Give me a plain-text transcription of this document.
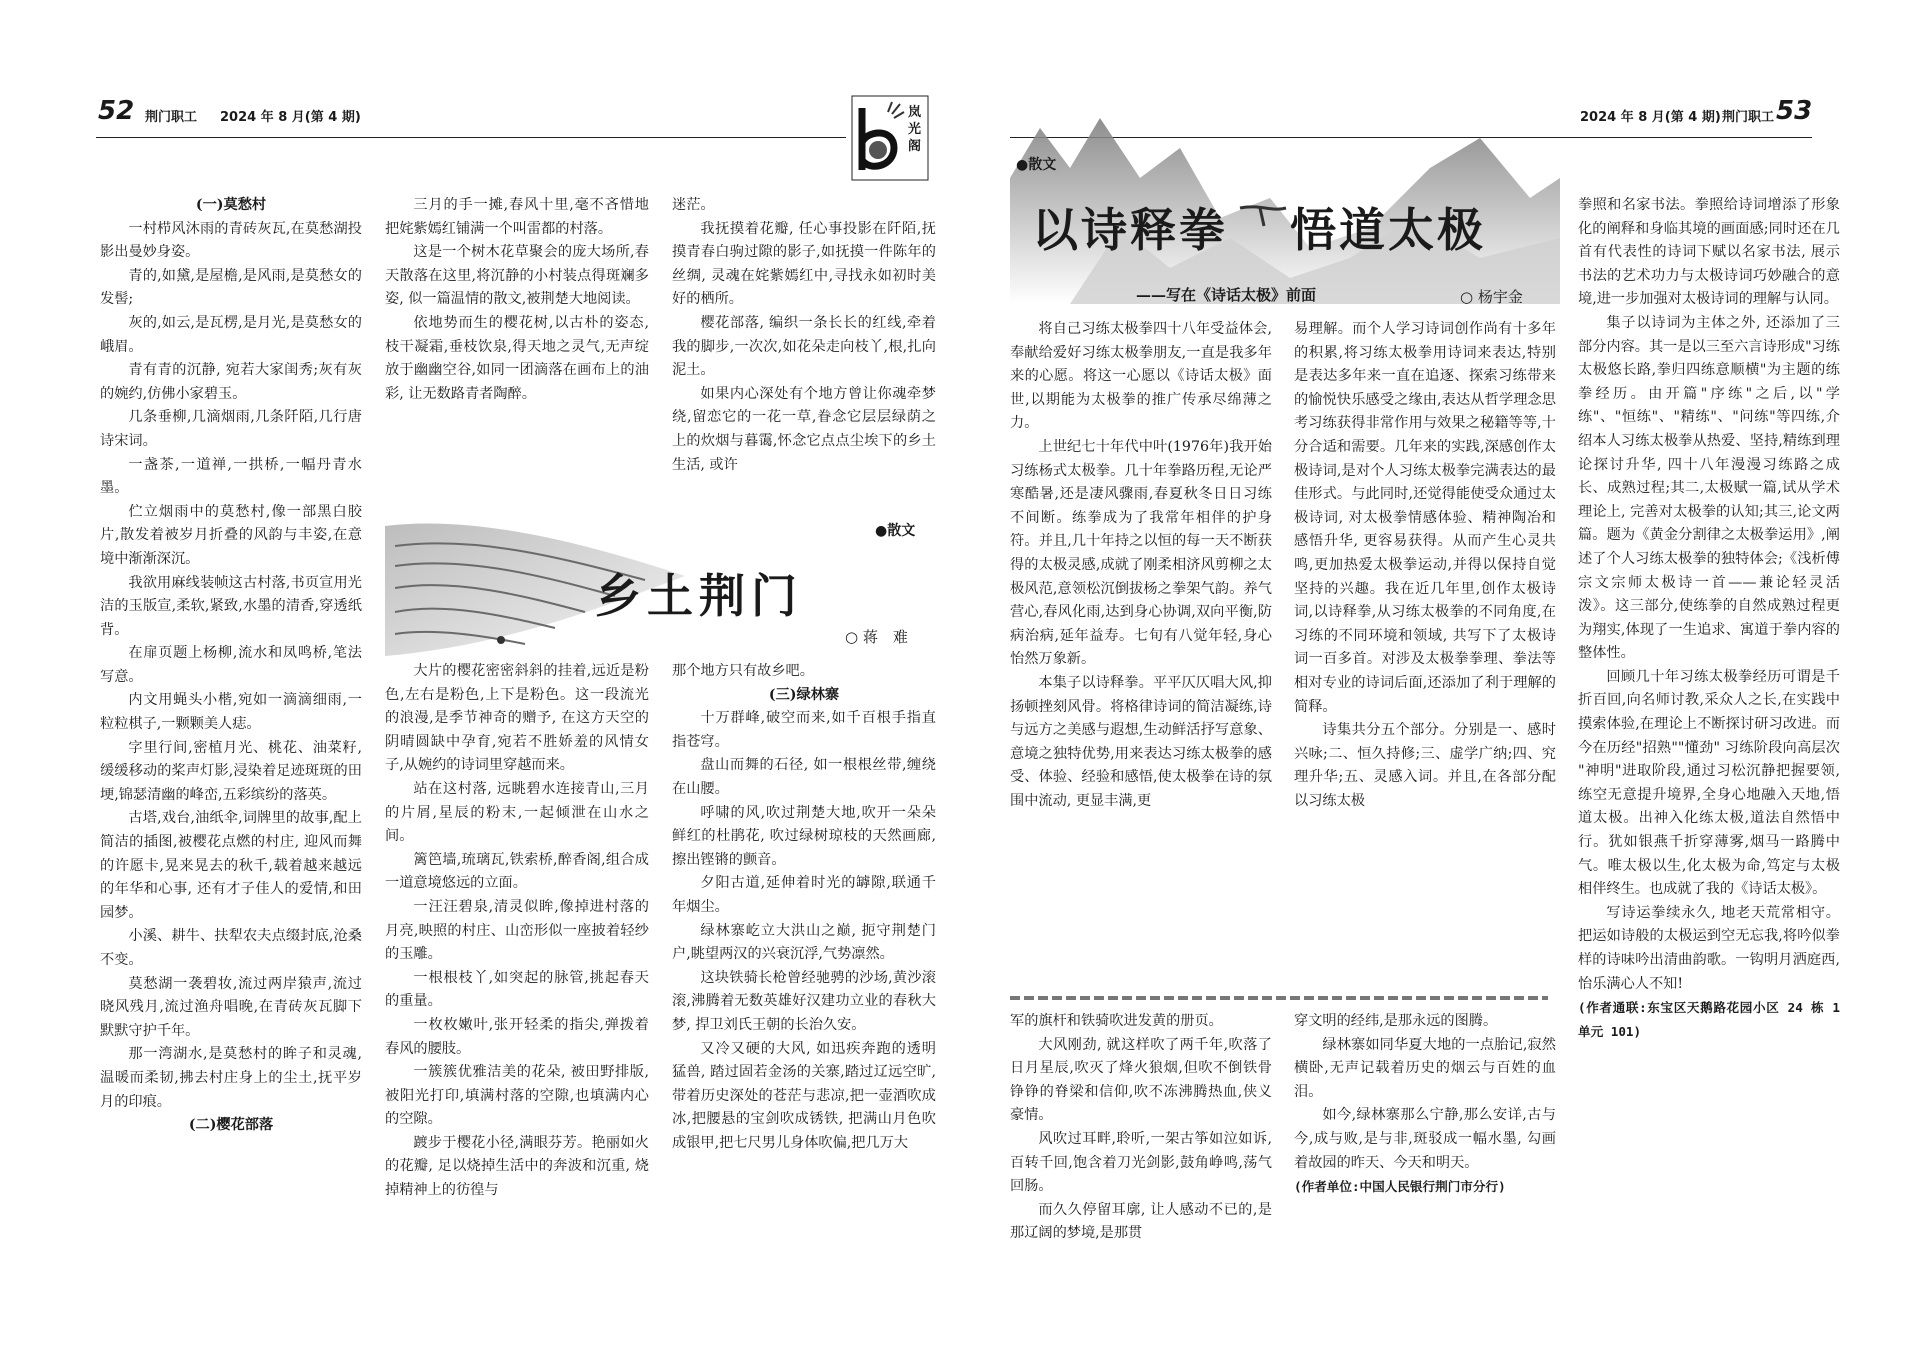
52 荆门职工 2024 年 8 月(第 4 期)	岚光阁
2024 年 8 月(第 4 期) 荆门职工 53

(一)莫愁村

一村栉风沐雨的青砖灰瓦,在莫愁湖投影出曼妙身姿。

青的,如黛,是屋檐,是风雨,是莫愁女的发髻;

灰的,如云,是瓦楞,是月光,是莫愁女的峨眉。

青有青的沉静, 宛若大家闺秀;灰有灰的婉约,仿佛小家碧玉。

几条垂柳,几滴烟雨,几条阡陌,几行唐诗宋词。

一盏茶,一道禅,一拱桥,一幅丹青水墨。

伫立烟雨中的莫愁村,像一部黑白胶片,散发着被岁月折叠的风韵与丰姿,在意境中渐渐深沉。

我欲用麻线装帧这古村落,书页宣用光洁的玉版宣,柔软,紧致,水墨的清香,穿透纸背。

在扉页题上杨柳,流水和凤鸣桥,笔法写意。

内文用蝇头小楷,宛如一滴滴细雨,一粒粒棋子,一颗颗美人痣。

字里行间,密植月光、桃花、油菜籽,缓缓移动的桨声灯影,浸染着足迹斑斑的田埂,锦瑟清幽的峰峦,五彩缤纷的落英。

古塔,戏台,油纸伞,词牌里的故事,配上简洁的插图,被樱花点燃的村庄, 迎风而舞的许愿卡,晃来晃去的秋千,载着越来越远的年华和心事, 还有才子佳人的爱情,和田园梦。

小溪、耕牛、扶犁农夫点缀封底,沧桑不变。

莫愁湖一袭碧妆,流过两岸猿声,流过晓风残月,流过渔舟唱晚,在青砖灰瓦脚下默默守护千年。

那一湾湖水,是莫愁村的眸子和灵魂,温暖而柔韧,拂去村庄身上的尘土,抚平岁月的印痕。

(二)樱花部落

三月的手一摊,春风十里,毫不吝惜地把姹紫嫣红铺满一个叫雷都的村落。

这是一个树木花草聚会的庞大场所,春天散落在这里,将沉静的小村装点得斑斓多姿, 似一篇温情的散文,被荆楚大地阅读。

依地势而生的樱花树,以古朴的姿态,枝干凝霜,垂枝饮泉,得天地之灵气,无声绽放于幽幽空谷,如同一团滴落在画布上的油彩, 让无数路青者陶醉。

迷茫。

我抚摸着花瓣, 任心事投影在阡陌,抚摸青春白驹过隙的影子,如抚摸一件陈年的丝绸, 灵魂在姹紫嫣红中,寻找永如初时美好的栖所。

樱花部落, 编织一条长长的红线,牵着我的脚步,一次次,如花朵走向枝丫,根,扎向泥土。

如果内心深处有个地方曾让你魂牵梦绕,留恋它的一花一草,眷念它层层绿荫之上的炊烟与暮霭,怀念它点点尘埃下的乡土生活, 或许

●散文
乡土荆门
○ 蒋　难

大片的樱花密密斜斜的挂着,远近是粉色,左右是粉色,上下是粉色。这一段流光的浪漫,是季节神奇的赠予, 在这方天空的阴晴圆缺中孕育,宛若不胜娇羞的风情女子,从婉约的诗词里穿越而来。

站在这村落, 远眺碧水连接青山,三月的片屑,星辰的粉末,一起倾泄在山水之间。

篱笆墙,琉璃瓦,铁索桥,醉香阁,组合成一道意境悠远的立面。

一汪汪碧泉,清灵似眸,像掉进村落的月亮,映照的村庄、山峦形似一座披着轻纱的玉雕。

一根根枝丫,如突起的脉管,挑起春天的重量。

一枚枚嫩叶,张开轻柔的指尖,弹拨着春风的腰肢。

一簇簇优雅洁美的花朵, 被田野排版,被阳光打印,填满村落的空隙,也填满内心的空隙。

踱步于樱花小径,满眼芬芳。艳丽如火的花瓣, 足以烧掉生活中的奔波和沉重, 烧掉精神上的彷徨与

那个地方只有故乡吧。

(三)绿林寨

十万群峰,破空而来,如千百根手指直指苍穹。

盘山而舞的石径, 如一根根丝带,缠绕在山腰。

呼啸的风,吹过荆楚大地,吹开一朵朵鲜红的杜鹃花, 吹过绿树琼枝的天然画廊,擦出铿锵的颤音。

夕阳古道,延伸着时光的罅隙,联通千年烟尘。

绿林寨屹立大洪山之巅, 扼守荆楚门户,眺望两汉的兴衰沉浮,气势凛然。

这块铁骑长枪曾经驰骋的沙场,黄沙滚滚,沸腾着无数英雄好汉建功立业的春秋大梦, 捍卫刘氏王朝的长治久安。

又冷又硬的大风, 如迅疾奔跑的透明猛兽, 踏过固若金汤的关寨,踏过辽远空旷,带着历史深处的苍茫与悲凉,把一壶酒吹成冰,把腰悬的宝剑吹成锈铁, 把满山月色吹成银甲,把七尺男儿身体吹偏,把几万大

●散文
以诗释拳 悟道太极
——写在《诗话太极》前面	○ 杨宇金

将自己习练太极拳四十八年受益体会,奉献给爱好习练太极拳朋友,一直是我多年来的心愿。将这一心愿以《诗话太极》面世,以期能为太极拳的推广传承尽绵薄之力。

上世纪七十年代中叶(1976年)我开始习练杨式太极拳。几十年拳路历程,无论严寒酷暑,还是凄风骤雨,春夏秋冬日日习练不间断。练拳成为了我常年相伴的护身符。并且,几十年持之以恒的每一天不断获得的太极灵感,成就了刚柔相济风剪柳之太极风范,意领松沉倒拔杨之拳架气韵。养气营心,春风化雨,达到身心协调,双向平衡,防病治病,延年益寿。七旬有八觉年轻,身心怡然万象新。

本集子以诗释拳。平平仄仄唱大风,抑扬顿挫刻风骨。将格律诗词的简洁凝练,诗与远方之美感与遐想,生动鲜活抒写意象、意境之独特优势,用来表达习练太极拳的感受、体验、经验和感悟,使太极拳在诗的氛围中流动, 更显丰满,更

易理解。而个人学习诗词创作尚有十多年的积累,将习练太极拳用诗词来表达,特别是表达多年来一直在追逐、探索习练带来的愉悦快乐感受之缘由,表达从哲学理念思考习练获得非常作用与效果之秘籍等等,十分合适和需要。几年来的实践,深感创作太极诗词,是对个人习练太极拳完满表达的最佳形式。与此同时,还觉得能使受众通过太极诗词, 对太极拳情感体验、精神陶冶和感悟升华, 更容易获得。从而产生心灵共鸣,更加热爱太极拳运动,并得以保持自觉坚持的兴趣。我在近几年里,创作太极诗词,以诗释拳,从习练太极拳的不同角度,在习练的不同环境和领域, 共写下了太极诗词一百多首。对涉及太极拳拳理、拳法等相对专业的诗词后面,还添加了利于理解的简释。

诗集共分五个部分。分别是一、感时兴咏;二、恒久持修;三、虚学广纳;四、究理升华;五、灵感入词。并且,在各部分配以习练太极

拳照和名家书法。拳照给诗词增添了形象化的阐释和身临其境的画面感;同时还在几首有代表性的诗词下赋以名家书法, 展示书法的艺术功力与太极诗词巧妙融合的意境,进一步加强对太极诗词的理解与认同。

集子以诗词为主体之外, 还添加了三部分内容。其一是以三至六言诗形成"习练太极悠长路,拳归四练意顺横"为主题的练拳经历。由开篇"序练"之后,以"学练"、"恒练"、"精练"、"问练"等四练,介绍本人习练太极拳从热爱、坚持,精练到理论探讨升华, 四十八年漫漫习练路之成长、成熟过程;其二,太极赋一篇,试从学术理论上, 完善对太极拳的认知;其三,论文两篇。题为《黄金分割律之太极拳运用》,阐述了个人习练太极拳的独特体会;《浅析傅宗文宗师太极诗一首——兼论轻灵活泼》。这三部分,使练拳的自然成熟过程更为翔实,体现了一生追求、寓道于拳内容的整体性。

回顾几十年习练太极拳经历可谓是千折百回,向名师讨教,采众人之长,在实践中摸索体验,在理论上不断探讨研习改进。而今在历经"招熟""懂劲" 习练阶段向高层次 "神明"进取阶段,通过习松沉静把握要领,练空无意提升境界,全身心地融入天地,悟道太极。出神入化练太极,道法自然悟中行。犹如银燕千折穿薄雾,烟马一路腾中气。唯太极以生,化太极为命,笃定与太极相伴终生。也成就了我的《诗话太极》。

写诗运拳续永久, 地老天荒常相守。把运如诗般的太极运到空无忘我,将吟似拳样的诗味吟出清曲韵歌。一钩明月洒庭西,怡乐满心人不知!

(作者通联:东宝区天鹅路花园小区 24 栋 1 单元 101)

军的旗杆和铁骑吹进发黄的册页。

大风刚劲, 就这样吹了两千年,吹落了日月星辰,吹灭了烽火狼烟,但吹不倒铁骨铮铮的脊梁和信仰,吹不冻沸腾热血,侠义豪情。

风吹过耳畔,聆听,一架古筝如泣如诉,百转千回,饱含着刀光剑影,鼓角峥鸣,荡气回肠。

而久久停留耳廓, 让人感动不已的,是那辽阔的梦境,是那贯

穿文明的经纬,是那永远的图腾。

绿林寨如同华夏大地的一点胎记,寂然横卧,无声记载着历史的烟云与百姓的血泪。

如今,绿林寨那么宁静,那么安详,古与今,成与败,是与非,斑驳成一幅水墨, 勾画着故园的昨天、今天和明天。

(作者单位:中国人民银行荆门市分行)
